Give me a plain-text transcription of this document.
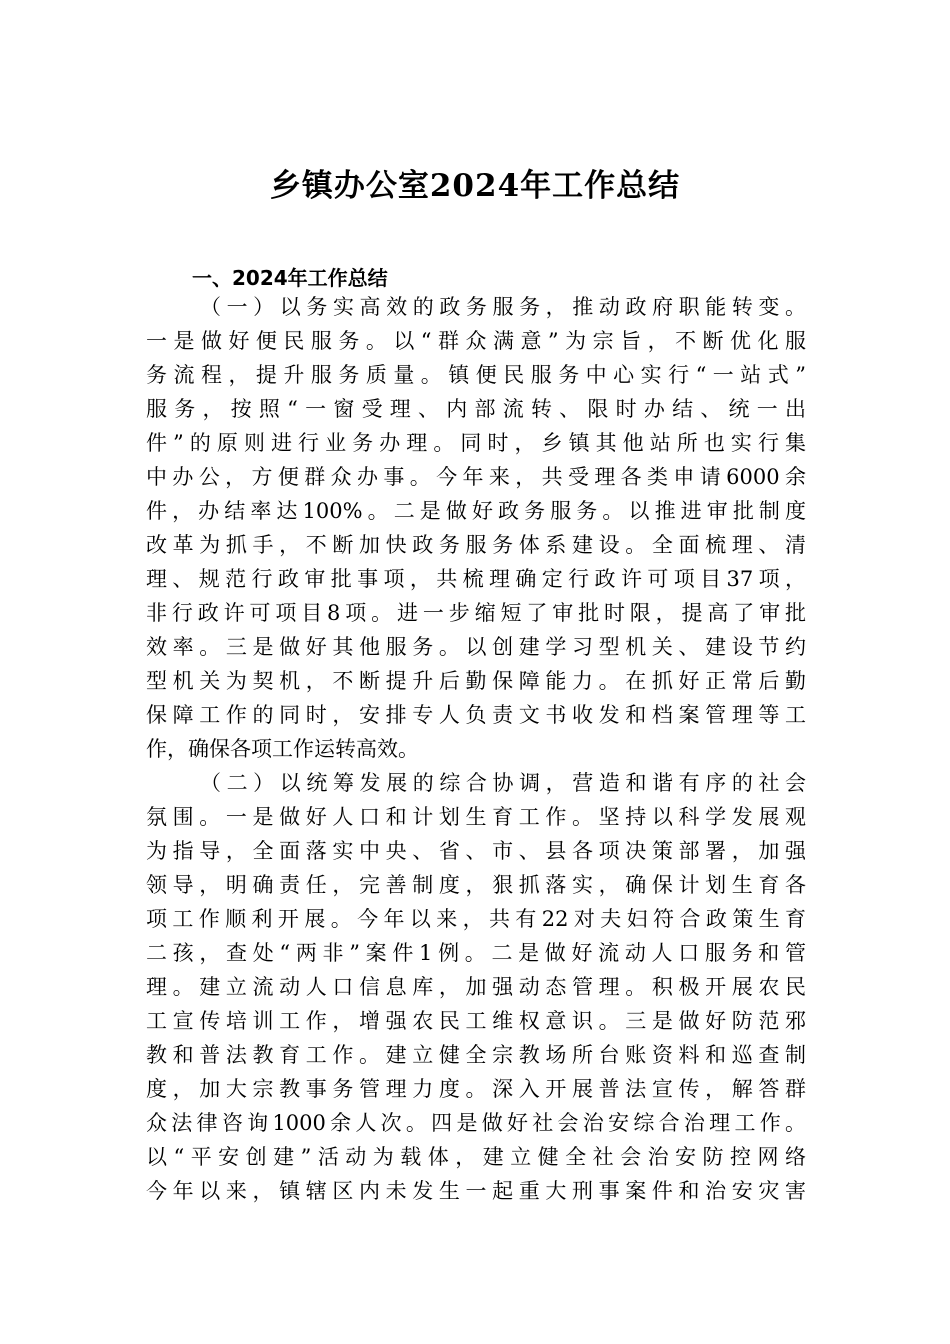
乡镇办公室2024年工作总结
一、2024年工作总结
（一）以务实高效的政务服务，推动政府职能转变。
一是做好便民服务。以“群众满意”为宗旨，不断优化服
务流程，提升服务质量。镇便民服务中心实行“一站式”
服务，按照“一窗受理、内部流转、限时办结、统一出
件”的原则进行业务办理。同时，乡镇其他站所也实行集
中办公，方便群众办事。今年来，共受理各类申请6000余
件，办结率达100%。二是做好政务服务。以推进审批制度
改革为抓手，不断加快政务服务体系建设。全面梳理、清
理、规范行政审批事项，共梳理确定行政许可项目37项，
非行政许可项目8项。进一步缩短了审批时限，提高了审批
效率。三是做好其他服务。以创建学习型机关、建设节约
型机关为契机，不断提升后勤保障能力。在抓好正常后勤
保障工作的同时，安排专人负责文书收发和档案管理等工
作，确保各项工作运转高效。
（二）以统筹发展的综合协调，营造和谐有序的社会
氛围。一是做好人口和计划生育工作。坚持以科学发展观
为指导，全面落实中央、省、市、县各项决策部署，加强
领导，明确责任，完善制度，狠抓落实，确保计划生育各
项工作顺利开展。今年以来，共有22对夫妇符合政策生育
二孩，查处“两非”案件1例。二是做好流动人口服务和管
理。建立流动人口信息库，加强动态管理。积极开展农民
工宣传培训工作，增强农民工维权意识。三是做好防范邪
教和普法教育工作。建立健全宗教场所台账资料和巡查制
度，加大宗教事务管理力度。深入开展普法宣传，解答群
众法律咨询1000余人次。四是做好社会治安综合治理工作。
以“平安创建”活动为载体，建立健全社会治安防控网络
今年以来，镇辖区内未发生一起重大刑事案件和治安灾害
